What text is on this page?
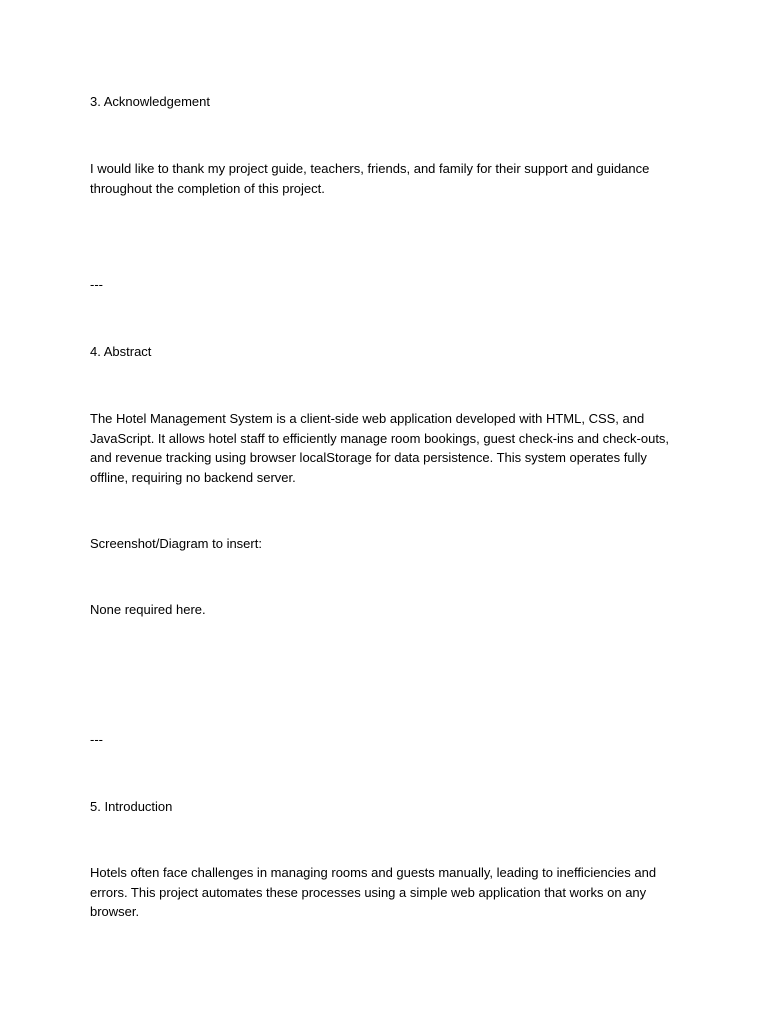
3. Acknowledgement

I would like to thank my project guide, teachers, friends, and family for their support and guidance throughout the completion of this project.

---

4. Abstract

The Hotel Management System is a client-side web application developed with HTML, CSS, and JavaScript. It allows hotel staff to efficiently manage room bookings, guest check-ins and check-outs, and revenue tracking using browser localStorage for data persistence. This system operates fully offline, requiring no backend server.

Screenshot/Diagram to insert:

None required here.

---

5. Introduction

Hotels often face challenges in managing rooms and guests manually, leading to inefficiencies and errors. This project automates these processes using a simple web application that works on any browser.
